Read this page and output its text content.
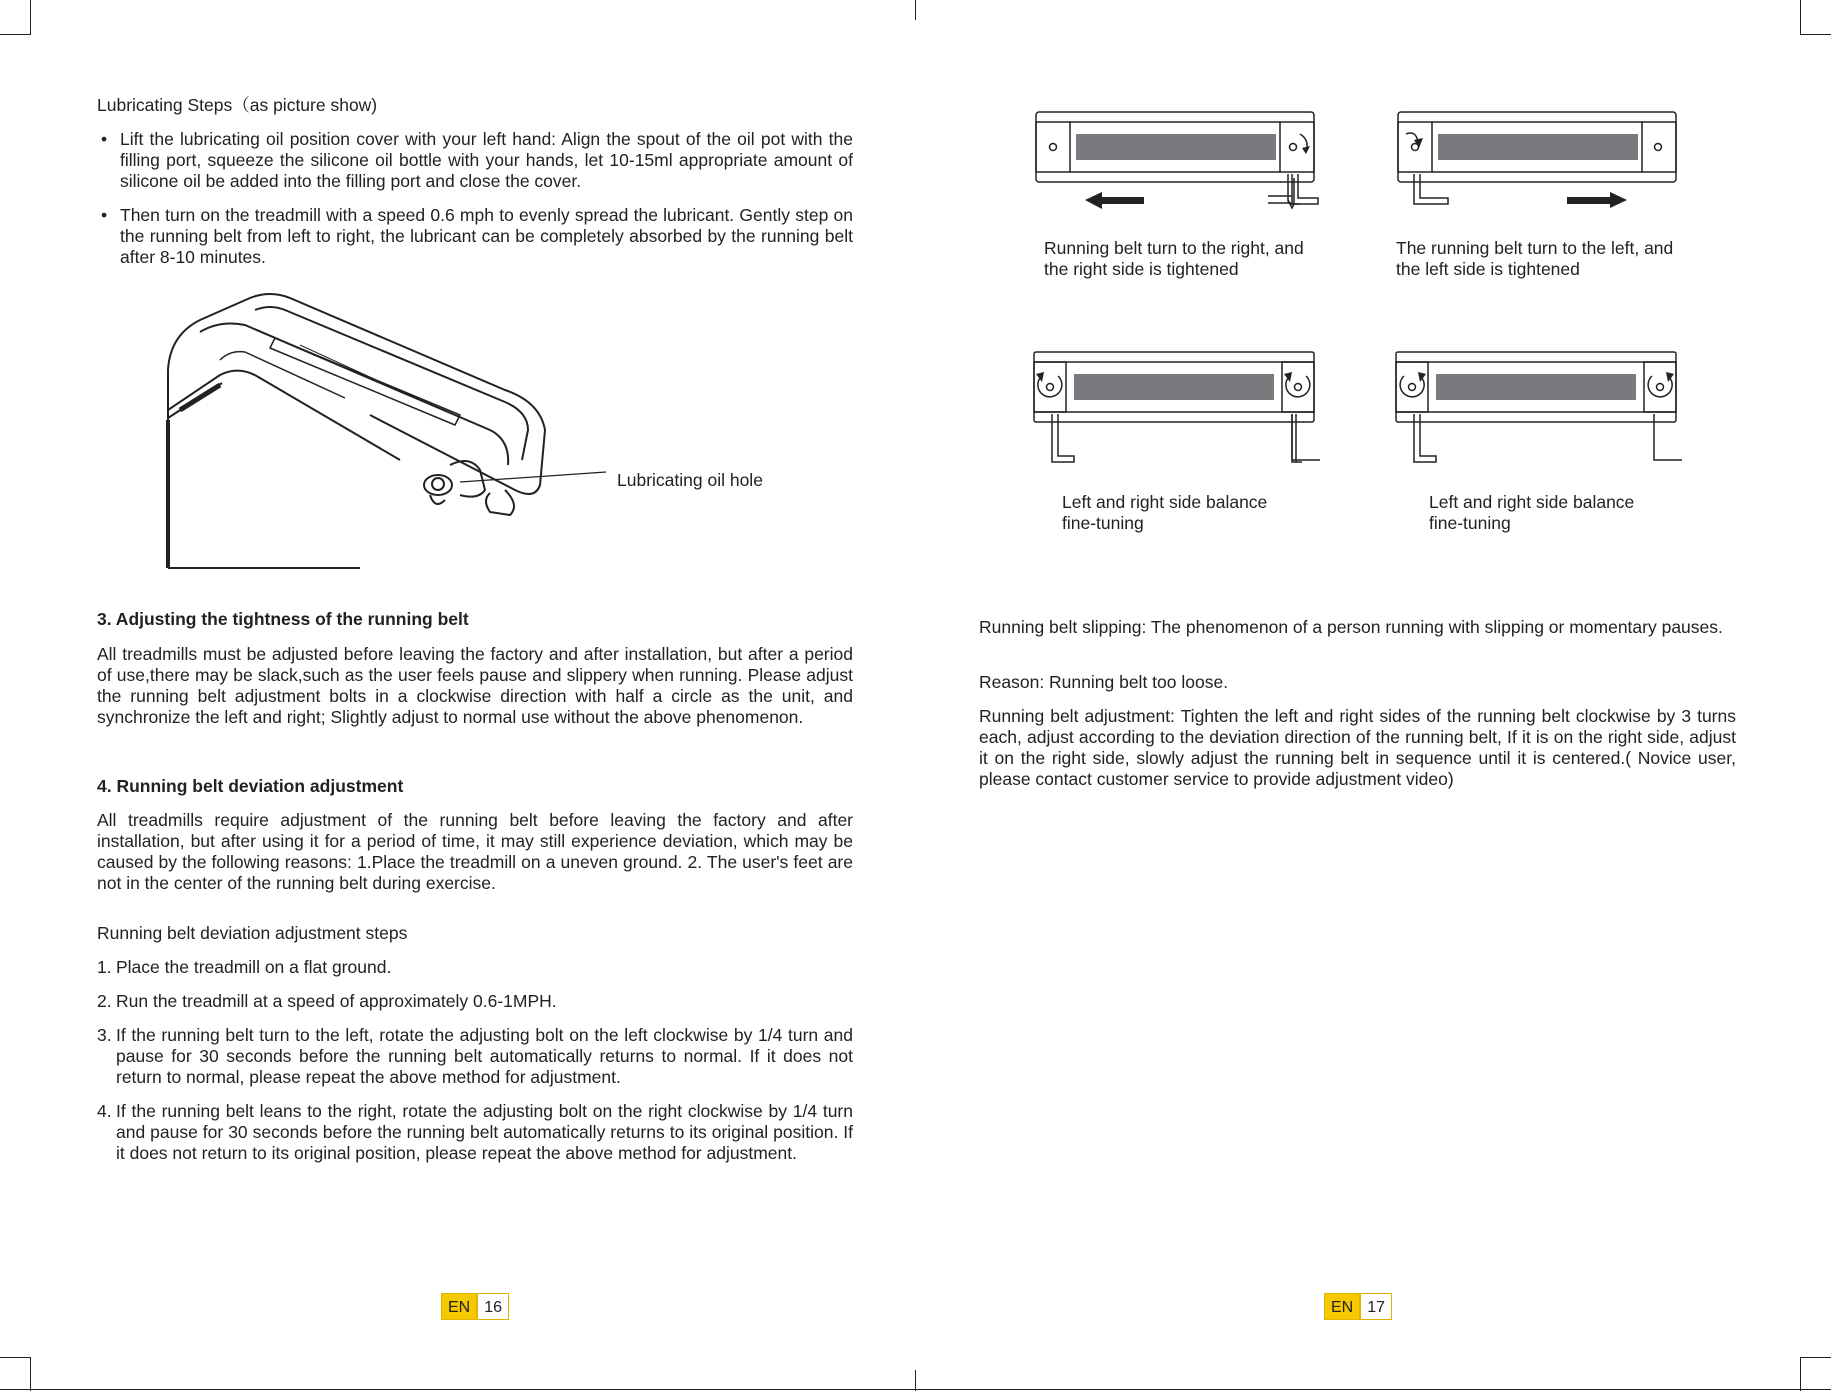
Lubricating Steps（as picture show)
• Lift the lubricating oil position cover with your left hand: Align the spout of the oil pot with the filling port, squeeze the silicone oil bottle with your hands, let 10-15ml appropriate amount of silicone oil be added into the filling port and close the cover.
• Then turn on the treadmill with a speed 0.6 mph to evenly spread the lubricant. Gently step on the running belt from left to right, the lubricant can be completely absorbed by the running belt after 8-10 minutes.
Lubricating oil hole
3. Adjusting the tightness of the running belt
All treadmills must be adjusted before leaving the factory and after installation, but after a period of use,there may be slack,such as the user feels pause and slippery when running. Please adjust the running belt adjustment bolts in a clockwise direction with half a circle as the unit, and synchronize the left and right; Slightly adjust to normal use without the above phenomenon.
4. Running belt deviation adjustment
All treadmills require adjustment of the running belt before leaving the factory and after installation, but after using it for a period of time, it may still experience deviation, which may be caused by the following reasons: 1.Place the treadmill on a uneven ground. 2. The user's feet are not in the center of the running belt during exercise.
Running belt deviation adjustment steps
1. Place the treadmill on a flat ground.
2. Run the treadmill at a speed of approximately 0.6-1MPH.
3. If the running belt turn to the left, rotate the adjusting bolt on the left clockwise by 1/4 turn and pause for 30 seconds before the running belt automatically returns to normal. If it does not return to normal, please repeat the above method for adjustment.
4. If the running belt leans to the right, rotate the adjusting bolt on the right clockwise by 1/4 turn and pause for 30 seconds before the running belt automatically returns to its original position. If it does not return to its original position, please repeat the above method for adjustment.
EN 16
Running belt turn to the right, and the right side is tightened
The running belt turn to the left, and the left side is tightened
Left and right side balance fine-tuning
Left and right side balance fine-tuning
Running belt slipping: The phenomenon of a person running with slipping or momentary pauses.
Reason: Running belt too loose.
Running belt adjustment: Tighten the left and right sides of the running belt clockwise by 3 turns each, adjust according to the deviation direction of the running belt, If it is on the right side, adjust it on the right side, slowly adjust the running belt in sequence until it is centered.( Novice user, please contact customer service to provide adjustment video)
EN 17
